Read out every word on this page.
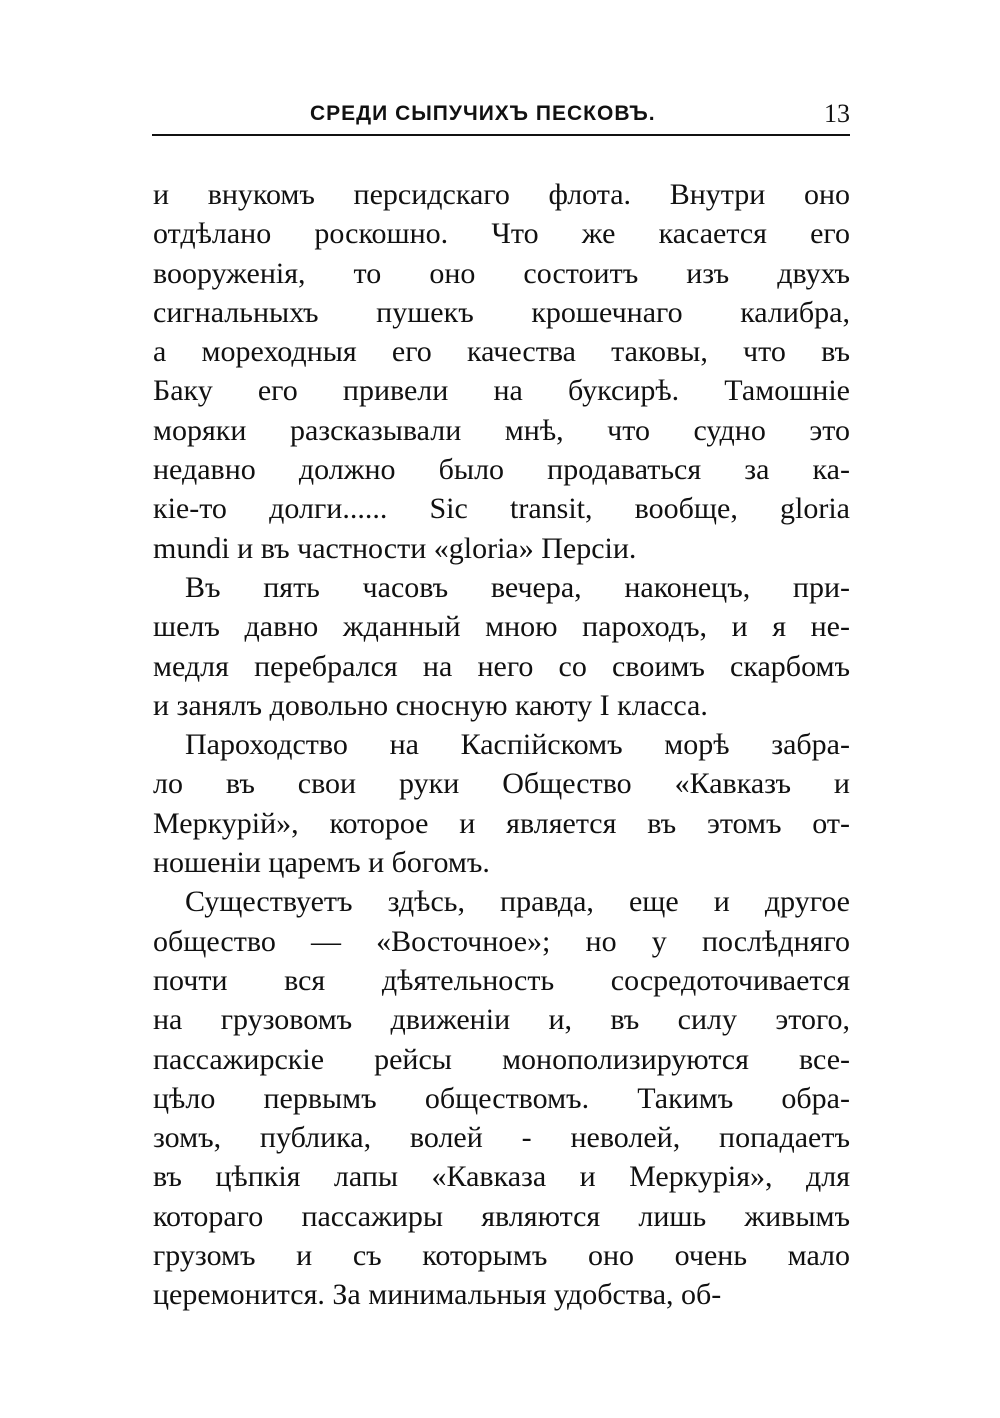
СРЕДИ СЫПУЧИХЪ ПЕСКОВЪ.	13
и внукомъ персидскаго флота. Внутри оно
отдѣлано роскошно. Что же касается его
вооруженія, то оно состоитъ изъ двухъ
сигнальныхъ пушекъ крошечнаго калибра,
а мореходныя его качества таковы, что въ
Баку его привели на буксирѣ. Тамошніе
моряки разсказывали мнѣ, что судно это
недавно должно было продаваться за ка-
кіе-то долги...... Sic transit, вообще, gloria
mundi и въ частности «gloria» Персіи.
Въ пять часовъ вечера, наконецъ, при-
шелъ давно жданный мною пароходъ, и я не-
медля перебрался на него со своимъ скарбомъ
и занялъ довольно сносную каюту I класса.
Пароходство на Каспійскомъ морѣ забра-
ло въ свои руки Общество «Кавказъ и
Меркурій», которое и является въ этомъ от-
ношеніи царемъ и богомъ.
Существуетъ здѣсь, правда, еще и другое
общество — «Восточное»; но у послѣдняго
почти вся дѣятельность сосредоточивается
на грузовомъ движеніи и, въ силу этого,
пассажирскіе рейсы монополизируются все-
цѣло первымъ обществомъ. Такимъ обра-
зомъ, публика, волей - неволей, попадаетъ
въ цѣпкія лапы «Кавказа и Меркурія», для
котораго пассажиры являются лишь живымъ
грузомъ и съ которымъ оно очень мало
церемонится. За минимальныя удобства, об-
